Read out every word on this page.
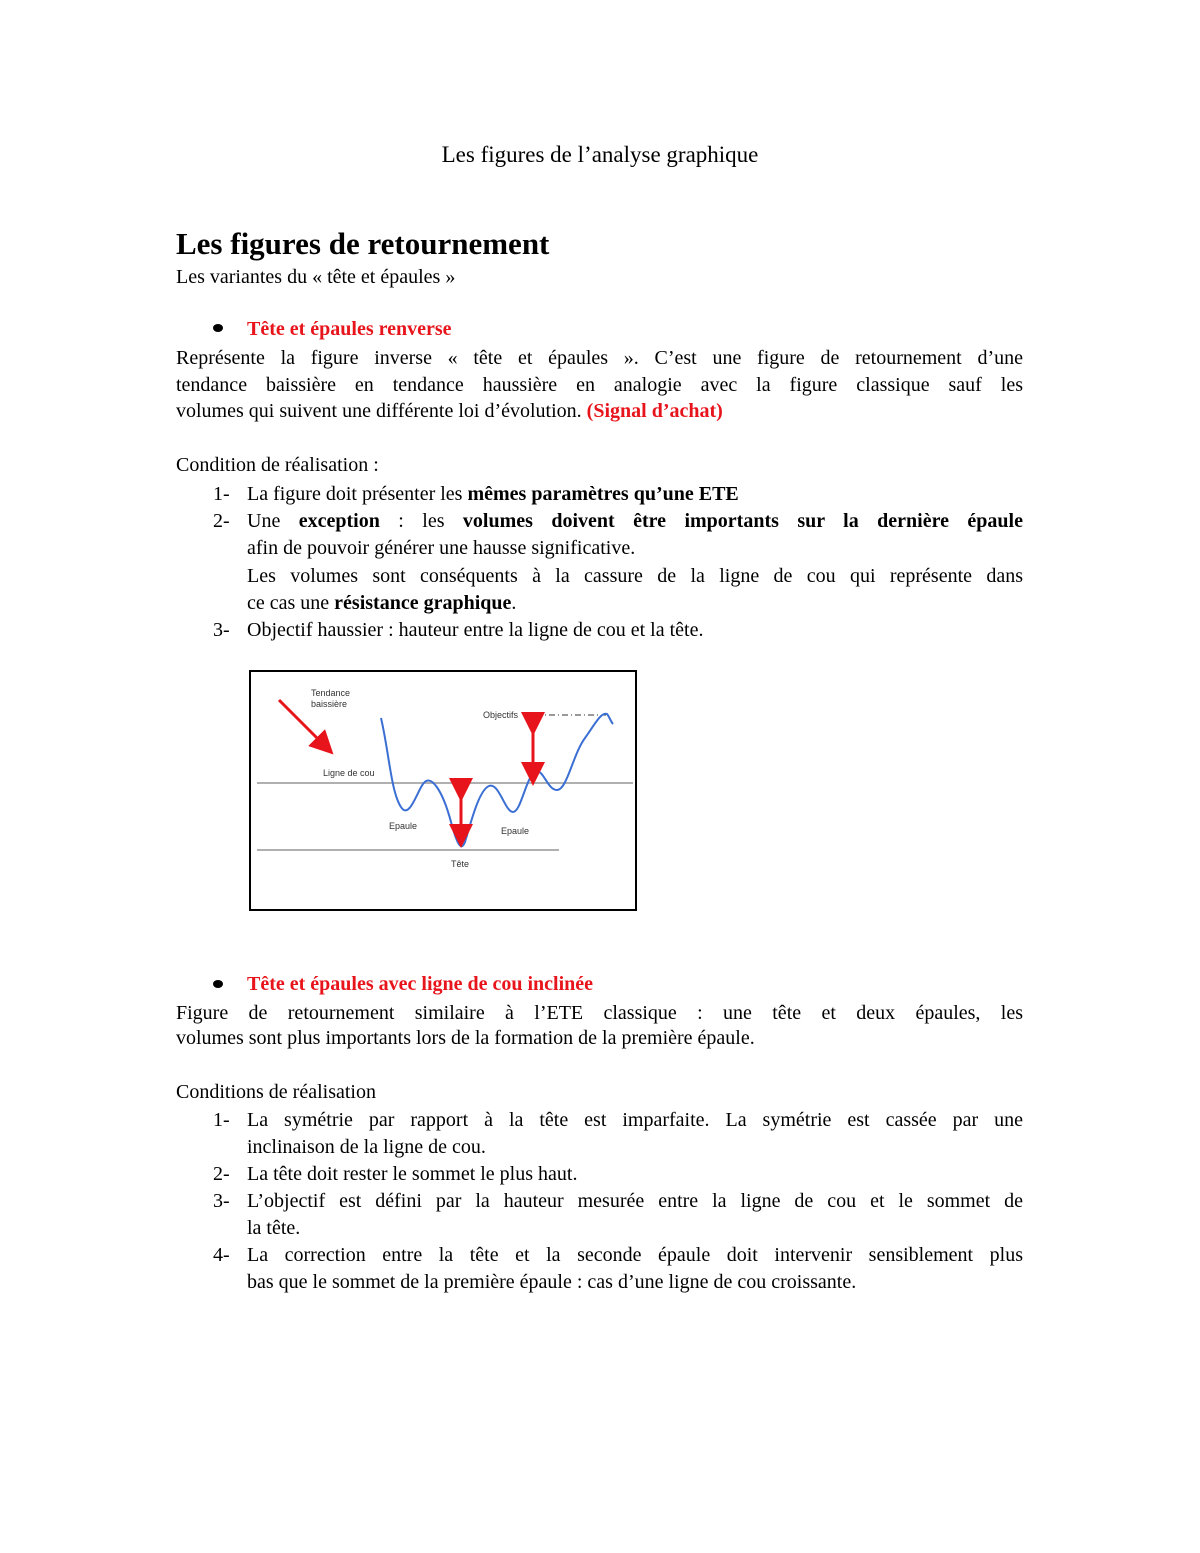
Les figures de l’analyse graphique
Les figures de retournement
Les variantes du « tête et épaules »
Tête et épaules renverse
Représente la figure inverse « tête et épaules ». C’est une figure de retournement d’une
tendance baissière en tendance haussière en analogie avec la figure classique sauf les
volumes qui suivent une différente loi d’évolution. (Signal d’achat)
Condition de réalisation :
1- La figure doit présenter les mêmes paramètres qu’une ETE
2- Une exception : les volumes doivent être importants sur la dernière épaule
afin de pouvoir générer une hausse significative.
Les volumes sont conséquents à la cassure de la ligne de cou qui représente dans
ce cas une résistance graphique.
3- Objectif haussier : hauteur entre la ligne de cou et la tête.
Tendance
baissière
Objectifs
Ligne de cou
Epaule	Epaule
Tête
Tête et épaules avec ligne de cou inclinée
Figure de retournement similaire à l’ETE classique : une tête et deux épaules, les
volumes sont plus importants lors de la formation de la première épaule.
Conditions de réalisation
1- La symétrie par rapport à la tête est imparfaite. La symétrie est cassée par une
inclinaison de la ligne de cou.
2- La tête doit rester le sommet le plus haut.
3- L’objectif est défini par la hauteur mesurée entre la ligne de cou et le sommet de
la tête.
4- La correction entre la tête et la seconde épaule doit intervenir sensiblement plus
bas que le sommet de la première épaule : cas d’une ligne de cou croissante.
